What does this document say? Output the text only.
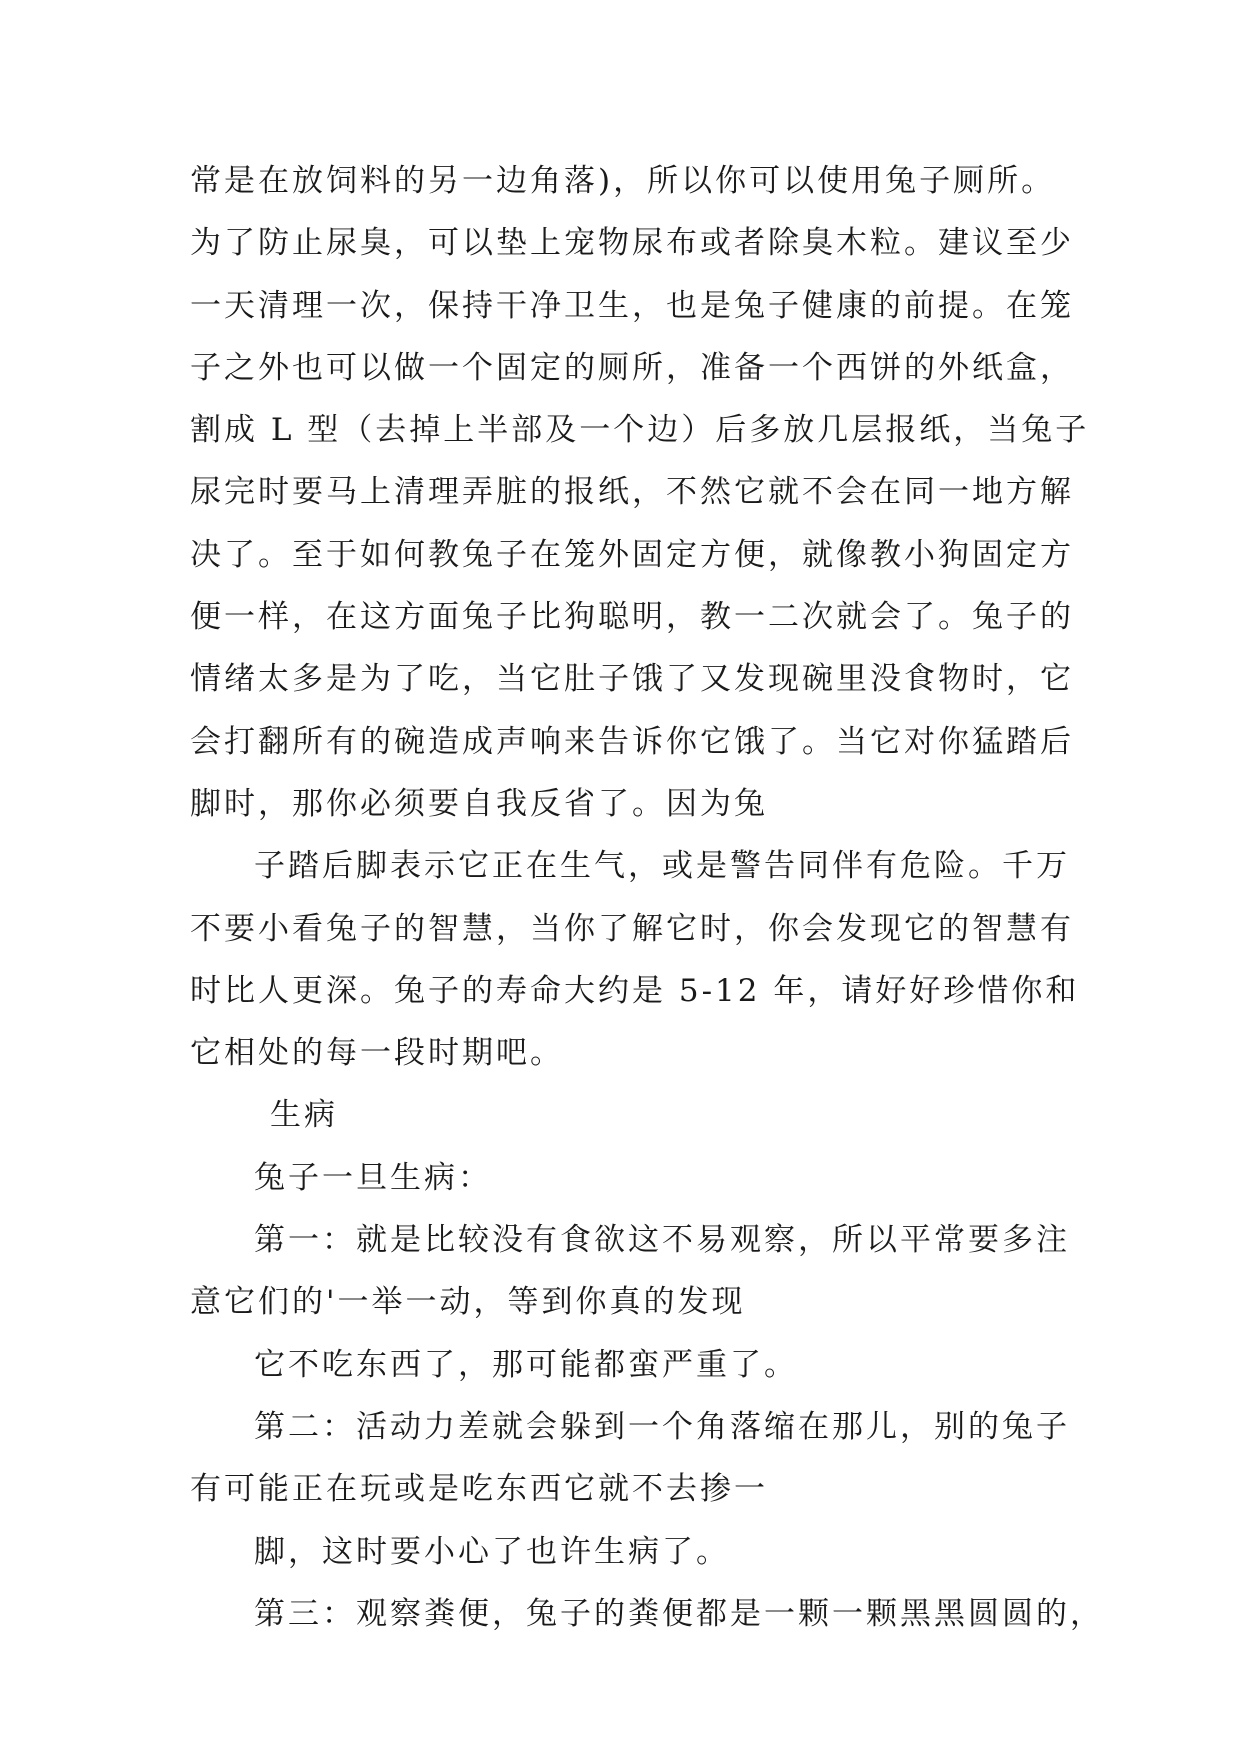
常是在放饲料的另一边角落)，所以你可以使用兔子厕所。
为了防止尿臭，可以垫上宠物尿布或者除臭木粒。建议至少
一天清理一次，保持干净卫生，也是兔子健康的前提。在笼
子之外也可以做一个固定的厕所，准备一个西饼的外纸盒，
割成 L 型（去掉上半部及一个边）后多放几层报纸，当兔子
尿完时要马上清理弄脏的报纸，不然它就不会在同一地方解
决了。至于如何教兔子在笼外固定方便，就像教小狗固定方
便一样，在这方面兔子比狗聪明，教一二次就会了。兔子的
情绪太多是为了吃，当它肚子饿了又发现碗里没食物时，它
会打翻所有的碗造成声响来告诉你它饿了。当它对你猛踏后
脚时，那你必须要自我反省了。因为兔
子踏后脚表示它正在生气，或是警告同伴有危险。千万
不要小看兔子的智慧，当你了解它时，你会发现它的智慧有
时比人更深。兔子的寿命大约是 5-12 年，请好好珍惜你和
它相处的每一段时期吧。
生病
兔子一旦生病：
第一：就是比较没有食欲这不易观察，所以平常要多注
意它们的'一举一动，等到你真的发现
它不吃东西了，那可能都蛮严重了。
第二：活动力差就会躲到一个角落缩在那儿，别的兔子
有可能正在玩或是吃东西它就不去掺一
脚，这时要小心了也许生病了。
第三：观察粪便，兔子的粪便都是一颗一颗黑黑圆圆的，
